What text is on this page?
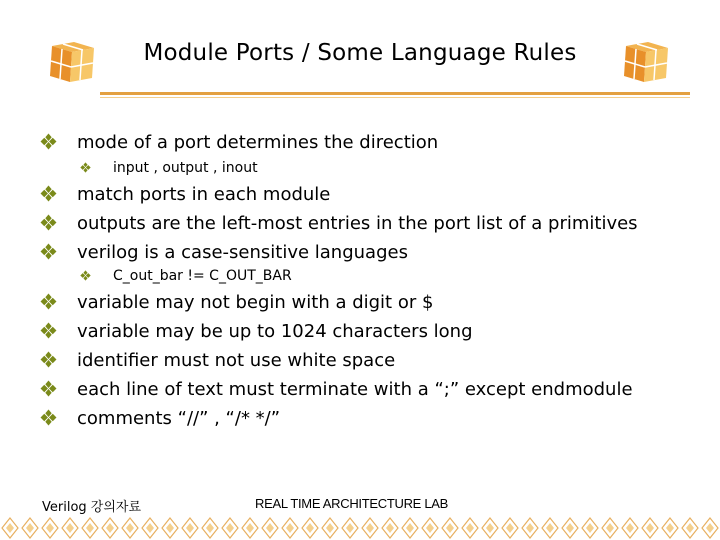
Module Ports / Some Language Rules
mode of a port determines the direction
input , output , inout
match ports in each module
outputs are the left-most entries in the port list of a primitives
verilog is a case-sensitive languages
C_out_bar != C_OUT_BAR
variable may not begin with a digit or $
variable may be up to 1024 characters long
identifier must not use white space
each line of text must terminate with a “;” except endmodule
comments “//” , “/* */”
Verilog 강의자료	REAL TIME ARCHITECTURE LAB
